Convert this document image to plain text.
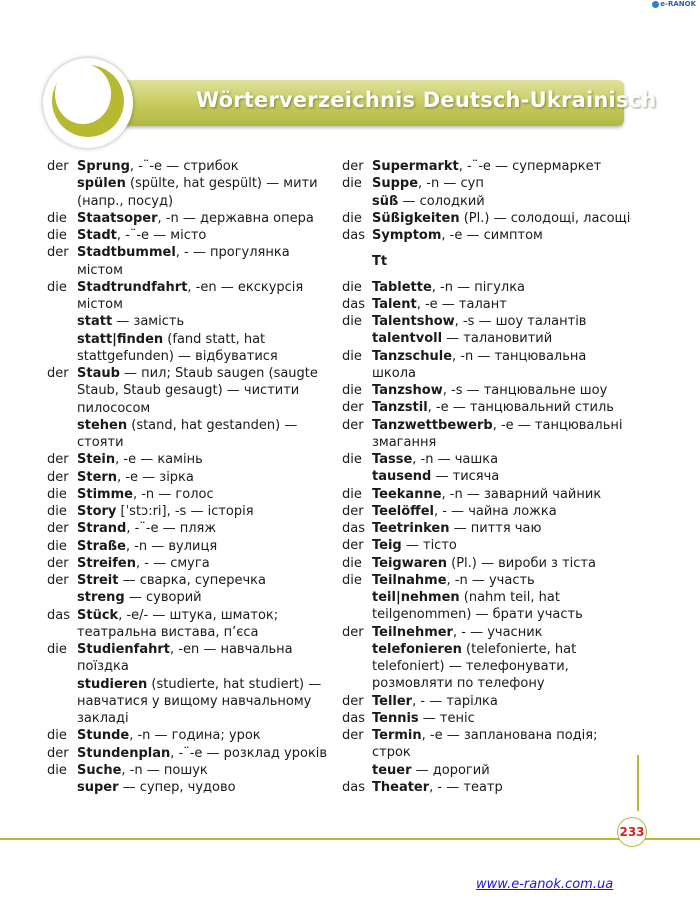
e-RANOK
Wörterverzeichnis Deutsch-Ukrainisch
der Sprung, -¨-e — стрибок
spülen (spülte, hat gespült) — мити (напр., посуд)
die Staatsoper, -n — державна опера
die Stadt, -¨-e — місто
der Stadtbummel, - — прогулянка містом
die Stadtrundfahrt, -en — екскурсія містом
statt — замість
statt|finden (fand statt, hat stattgefunden) — відбуватися
der Staub — пил; Staub saugen (saugte Staub, Staub gesaugt) — чистити пилососом
stehen (stand, hat gestanden) — стояти
der Stein, -e — камінь
der Stern, -e — зірка
die Stimme, -n — голос
die Story [ˈstɔ:ri], -s — історія
der Strand, -¨-e — пляж
die Straße, -n — вулиця
der Streifen, - — смуга
der Streit — сварка, суперечка
streng — суворий
das Stück, -e/- — штука, шматок; театральна вистава, п’єса
die Studienfahrt, -en — навчальна поїздка
studieren (studierte, hat studiert) — навчатися у вищому навчальному закладі
die Stunde, -n — година; урок
der Stundenplan, -¨-e — розклад уроків
die Suche, -n — пошук
super — супер, чудово
der Supermarkt, -¨-e — супермаркет
die Suppe, -n — суп
süß — солодкий
die Süßigkeiten (Pl.) — солодощі, ласощі
das Symptom, -e — симптом
Tt
die Tablette, -n — пігулка
das Talent, -e — талант
die Talentshow, -s — шоу талантів
talentvoll — талановитий
die Tanzschule, -n — танцювальна школа
die Tanzshow, -s — танцювальне шоу
der Tanzstil, -e — танцювальний стиль
der Tanzwettbewerb, -e — танцювальні змагання
die Tasse, -n — чашка
tausend — тисяча
die Teekanne, -n — заварний чайник
der Teelöffel, - — чайна ложка
das Teetrinken — пиття чаю
der Teig — тісто
die Teigwaren (Pl.) — вироби з тіста
die Teilnahme, -n — участь
teil|nehmen (nahm teil, hat teilgenommen) — брати участь
der Teilnehmer, - — учасник
telefonieren (telefonierte, hat telefoniert) — телефонувати, розмовляти по телефону
der Teller, - — тарілка
das Tennis — теніс
der Termin, -e — запланована подія; строк
teuer — дорогий
das Theater, - — театр
233
www.e-ranok.com.ua
